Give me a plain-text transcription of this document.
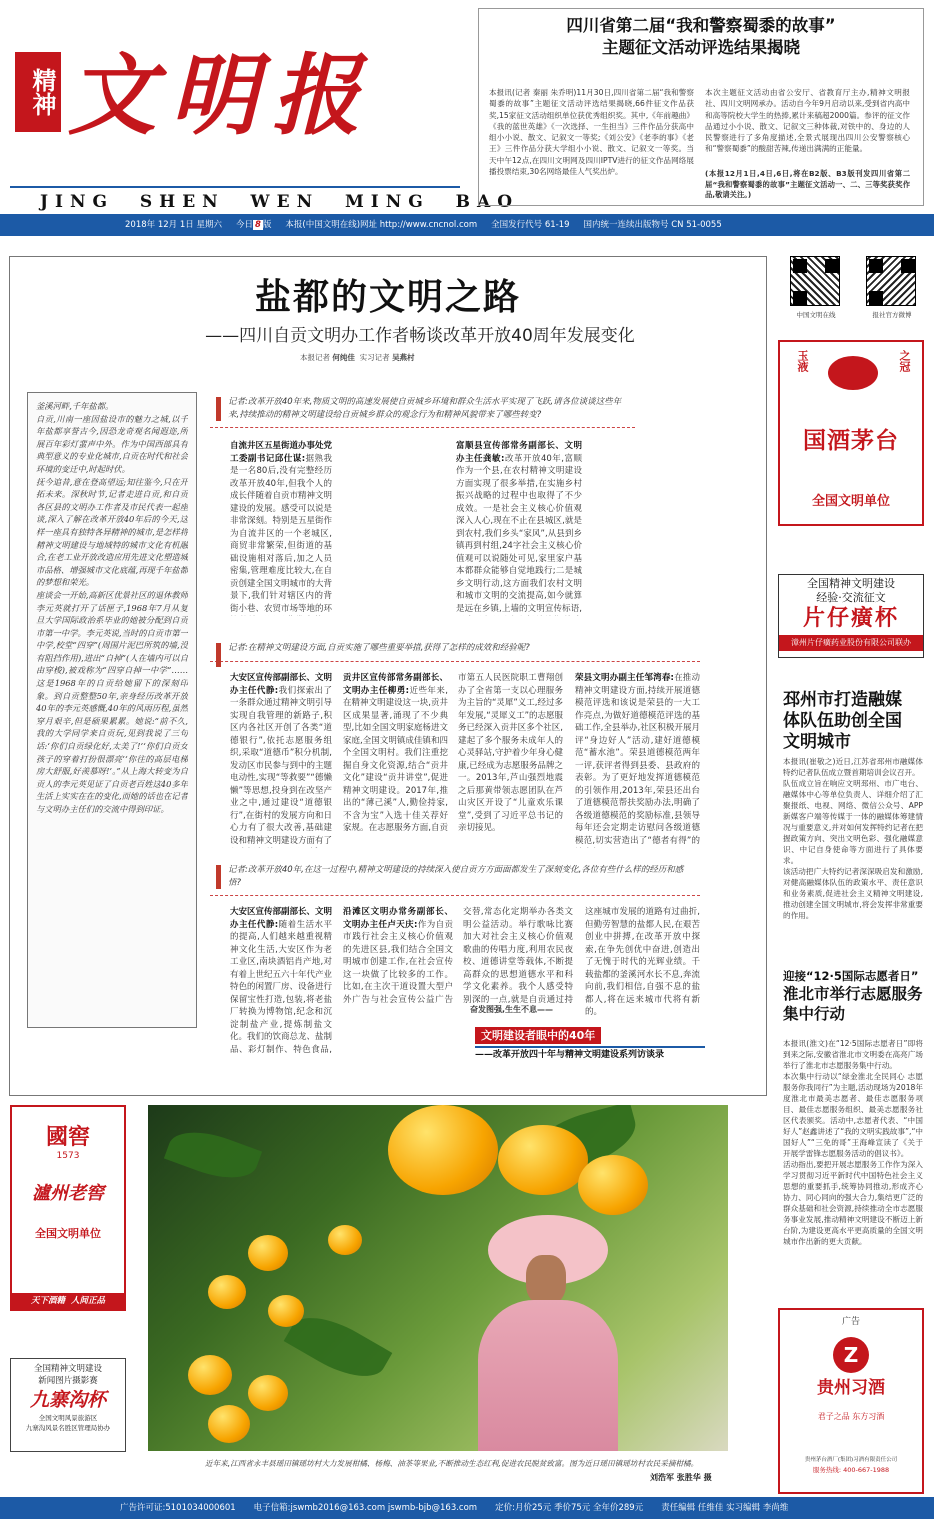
精神 文明报
JING  SHEN  WEN  MING  BAO
四川省第二届“我和警察蜀黍的故事”
主题征文活动评选结果揭晓
本报讯(记者 秦丽 朱乔明)11月30日,四川省第二届“我和警察蜀黍的故事”主题征文活动评选结果揭晓,66件征文作品获奖,15家征文活动组织单位获优秀组织奖。其中,《年前趣曲》《我的蓝世英雄》《一次选择、一生担当》三件作品分获高中组小小说、散文、记叙文一等奖;《刘公安》《老李的事》《老王》三件作品分获大学组小小说、散文、记叙文一等奖。当天中午12点,在四川文明网及四川IPTV进行的征文作品网络展播投票结束,30名网络最佳人气奖出炉。
本次主题征文活动由省公安厅、省教育厅主办,精神文明报社、四川文明网承办。活动自今年9月启动以来,受到省内高中和高等院校大学生的热捧,累计来稿超2000篇。参评的征文作品通过小小说、散文、记叙文三种体裁,对铁中的、身边的人民警察进行了多角度描述,全景式展现出四川公安警察核心和“警察蜀黍”的酸甜苦辣,传递出满满的正能量。
(本报12月1日,4日,6日,将在B2版、B3版刊发四川省第二届“我和警察蜀黍的故事”主题征文活动一、二、三等奖获奖作品,敬请关注。)
2018年 12月 1日 星期六 今日 8 版 本报(中国文明在线)网址 http://www.cncnol.com 全国发行代号 61-19 国内统一连续出版物号 CN 51-0055
盐都的文明之路
——四川自贡文明办工作者畅谈改革开放40周年发展变化
本报记者 何纯佳 实习记者 吴燕村
釜溪河畔,千年盐都。
自贡,川南一座因盐设市的魅力之城,以千年盐都享誉古今,因恐龙奇观名闻遐迩,所展百年彩灯蜚声中外。作为中国西部具有典型意义的专业化城市,自贡在时代和社会环境的变迁中,时起时伏。
抚今追昔,意在登高望远;知往鉴今,只在开拓未来。深秋时节,记者走进自贡,和自贡各区县的文明办工作者及市民代表一起座谈,深入了解在改革开放40年后的今天,这样一座具有独特各异精神的城市,是怎样将精神文明建设与地域特的城市文化有机融合,在老工业开放改造应用先进文化塑造城市品格、增强城市文化底蕴,再现千年盐都的梦想和荣光。
座谈会一开始,高新区优景社区的退休教师李元英就打开了话匣子,1968年7月从复旦大学国际政治系毕业的她被分配到自贡市第一中学。李元英说,当时的自贡市第一中学,校堂“四穿”(周围片泥巴所筑的墙,没有阻挡作用),进出“自掉”(人在墙内可以自由穿梭),被戏称为“四穿自掉一中学”……这是1968年的自贡给她留下的深刻印象。到自贡整整50年,亲身经历改革开放40年的李元英感慨,40年的风雨历程,虽然穿月艰辛,但是硕果累累。她说:“前不久,我的大学同学来自贡玩,见到我说了三句话:‘你们自贡绿化好,太美了!’‘你们自贡女孩子的穿着打扮很漂亮’‘你往的高层电梯房大舒服,好羡慕呀!’。”从上海大转变为自贡人的李元英见证了自贡老百姓这40多年生活上实实在在的变化,而她的话也在记者与文明办主任们的交流中得到印证。
记者:改革开放40年来,物质文明的高速发展使自贡城乡环境和群众生活水平实现了飞跃,请各位谈谈这些年来,持续推动的精神文明建设给自贡城乡群众的观念行为和精神风貌带来了哪些转变?
自流井区五星街道办事处党工委副书记邱仕谋:据熟我是一名80后,没有完整经历改革开放40年,但我个人的成长伴随着自贡市精神文明建设的发展。感受可以说是非常深刻。特别是五星街作为自流井区的一个老城区,商贸非常繁荣,但街道的基础设施相对落后,加之人员密集,管理难度比较大,在自贡创建全国文明城市的大背景下,我们针对辖区内的背街小巷、农贸市场等地的环
富顺县宣传部常务副部长、文明办主任龚敏:改革开放40年,富顺作为一个县,在农村精神文明建设方面实现了很多举措,在实施乡村振兴战略的过程中也取得了不少成效。一是社会主义核心价值观深入人心,现在不止在县城区,就是到农村,我们乡头“家风”,从县到乡镇再到村组,24字社会主义核心价值观可以说随处可见,家里家户基本都群众能够自觉地践行;二是城乡文明行动,这方面我们农村文明和城市文明的交流提高,如今就算是远在乡镇,上墙的文明宣传标语,
记者:在精神文明建设方面,自贡实施了哪些重要举措,获得了怎样的成效和经验呢?
大安区宣传部副部长、文明办主任代静:我们探索出了一条群众通过精神文明引导实现自我管理的新路子,积区内各社区开创了各类“道德银行”,依托志愿服务组织,采取“道德币”积分机制,发动区市民参与到中的主题电动性,实现“等救要”“德懒懒”等思想,投身到在改坚产业之中,通过建设“道德银行”,在街村的发展方向和日心力有了很大改善,基础建设和精神文明建设方面有了
贡井区宣传部常务副部长、文明办主任柳勇:近些年来,在精神文明建设这一块,贡井区成果显著,涌现了不少典型,比如全国文明家庭杨进文家庭,全国文明镇成佳镇和四个全国文明村。我们注重挖掘自身文化资源,结合“贡井文化”建设“贡井讲堂”,促进精神文明建设。2017年,推出的“薄己溪”人,勤俭持家,不含为宝”入选十佳关荐好家规。在志愿服务方面,自贡市第五人民医院职工曹翔创办了全省第一支以心理服务为主旨的“灵犀”义工,经过多年发展,“灵犀义工”的志愿服务已经深入贡井区多个社区,建起了多个服务未成年人的心灵驿站,守护着少年身心健康,已经成为志愿服务品牌之一。2013年,芦山强烈地震之后那黄带领志愿团队在芦山灾区开设了“儿童欢乐课堂”,受到了习近平总书记的亲切接见。
荣县文明办副主任邹湾春:在推动精神文明建设方面,持续开展道德模范评选和该说是荣县的一大工作亮点,为做好道德模范评选的基础工作,全县举办,社区积极开展月评“身边好人”活动,建好道德模范“蓄水池”。荣县道德模范两年一评,获评者得到县委、县政府的表彰。为了更好地发挥道德模范的引领作用,2013年,荣县还出台了道德模范帮扶奖励办法,明确了各级道德模范的奖励标准,县领导每年还会定期走访慰问各级道德模范,切实营造出了“德者有得”的
记者:改革开放40年,在这一过程中,精神文明建设的持续深入使自贡方方面面都发生了深刻变化,各位有些什么样的经历和感悟?
大安区宣传部副部长、文明办主任代静:随着生活水平的提高,人们越来越重视精神文化生活,大安区作为老工业区,南块酒铝肖产地,对有着上世纪五六十年代产业特色的闲置厂房、设备进行保留宝性打造,包装,将老盐厂转换为博物馆,纪念和沉淀制盐产业,提炼制盐文化。我们的饮商总龙、盐制品、彩灯制作、特色食品,
沿滩区文明办常务副部长、文明办主任卢天庆:作为自贡市践行社会主义核心价值观的先进区县,我们结合全国文明城市创建工作,在社会宣传这一块做了比较多的工作。比如,在主次干道设置大型户外广告与社会宣传公益广告交替,常态化定期举办各类文明公益活动。举行歌咏比赛加大对社会主义核心价值观歌曲的传唱力度,利用农民夜校、道德讲堂等载体,不断提高群众的思想道德水平和科学文化素养。我个人感受特别深的一点,就是自贡通过持
这座城市发展的道路有过曲折,但勤劳智慧的盐都人民,在艰苦创业中拼搏,在改革开放中探索,在争先创优中奋进,创造出了无愧于时代的光辉业绩。千载盐都的釜溪河水长不息,奔流向前,我们相信,自强不息的盐都人,将在远来城市代将有新的。
奋发图强,生生不息——
文明建设者眼中的40年
——改革开放四十年与精神文明建设系列访谈录
中国文明在线	报社官方微博
玉液	之冠
国酒茅台
全国文明单位
全国精神文明建设
经验·交流征文
片仔癀杯
漳州片仔癀药业股份有限公司联办
邳州市打造融媒体队伍助创全国文明城市
本报讯(崔敬之)近日,江苏省邳州市融媒体特约记者队伍成立暨首期培训会议召开。
队伍成立旨在响应文明邳州、市广电台、融媒体中心等单位负责人、详细介绍了汇聚报纸、电视、网络、微信公众号、APP新媒客户端等传媒于一体的融媒体筹建情况与重要意义,并对如何发挥特约记者在把握政策方向、突出文明色彩、强化融媒意识、中记自身使命等方面进行了具体要求。
该活动把广大特约记者深深吸启发和激励,对健高融媒体队伍的政策水平、责任意识和业务素质,促进社会主义精神文明建设,推动创建全国文明城市,将会发挥非常重要的作用。
迎接“12·5国际志愿者日”
淮北市举行志愿服务集中行动
本报讯(淮文)在“12·5国际志愿者日”即将到来之际,安徽省淮北市文明委在高亮广场举行了淮北市志愿服务集中行动。
本次集中行动以“绿金淮北全民同心 志愿服务你我同行”为主题,活动现场为2018年度淮北市最美志愿者、最佳志愿服务项目、最佳志愿服务组织、最美志愿服务社区代表颁奖。活动中,志愿者代表、“中国好人”赵鑫讲述了“我的文明实践故事”,“中国好人”“三免的哥”王海峰宣读了《关于开展学雷锋志愿服务活动的倡议书》。
活动指出,要把开展志愿服务工作作为深入学习贯彻习近平新时代中国特色社会主义思想的重要抓手,统筹协同推动,形成齐心协力、同心同向的强大合力,集结更广泛的群众基础和社会资源,持续推动全市志愿服务事业发展,推动精神文明建设不断迈上新台阶,为建设更高水平更高质量的全国文明城市作出新的更大贡献。
广告
Z
贵州习酒
君子之品 东方习酒
贵州茅台酒厂(集团)习酒有限责任公司
服务热线: 400-667-1988
國窖
1573
瀘州老窖
全国文明单位
天下酒籍  人间正品
全国精神文明建设
新闻图片摄影赛
九寨沟杯
全国文明风景旅游区
九寨沟风景名胜区管理局协办
近年来,江西省永丰县瑶田镇瑶坊村大力发展柑橘、杨梅、油茶等果业,不断推动生态红利,促进农民脱贫致富。图为近日瑶田镇瑶坊村农民采摘柑橘。
刘浩军 张胜华 摄
广告许可证:5101034000601 电子信箱:jswmb2016@163.com jswmb-bjb@163.com 定价:月价25元 季价75元 全年价289元 责任编辑 任维佳 实习编辑 李尚维
